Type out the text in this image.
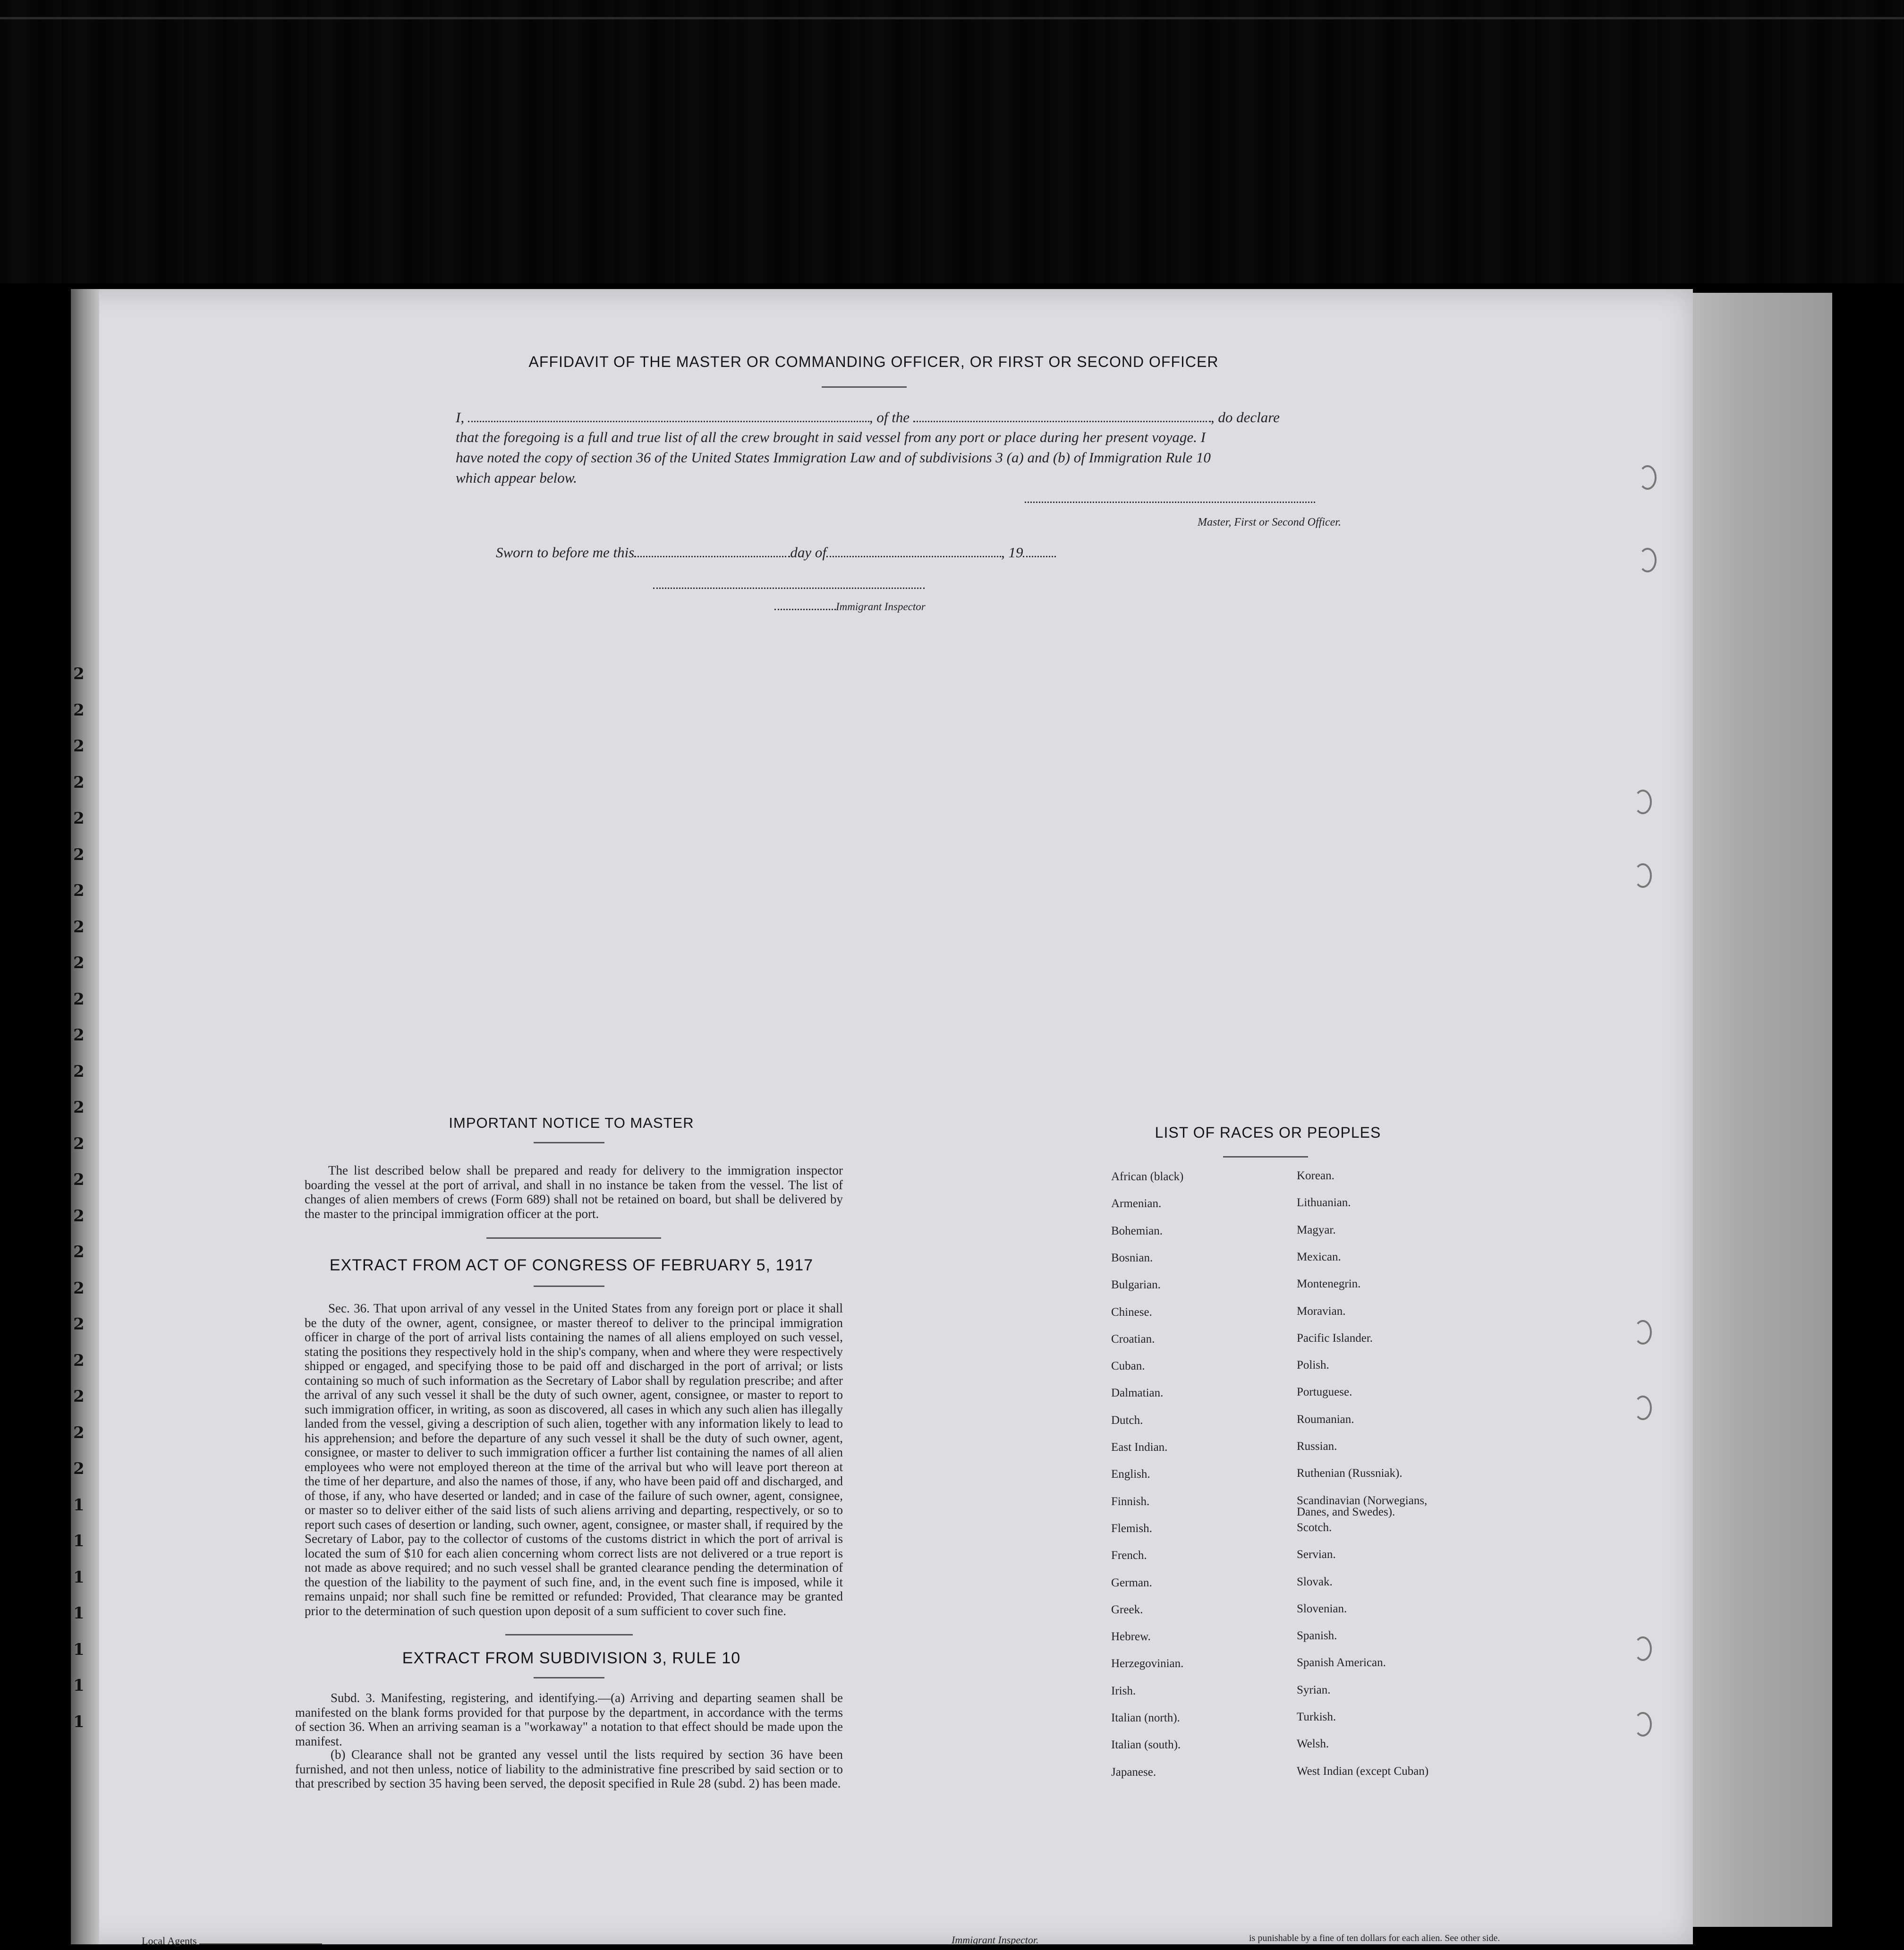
2
2
2
2
2
2
2
2
2
2
2
2
2
2
2
2
2
2
2
2
2
2
2
1
1
1
1
1
1
1
AFFIDAVIT OF THE MASTER OR COMMANDING OFFICER, OR FIRST OR SECOND OFFICER
I,	, of the	, do declare
that the foregoing is a full and true list of all the crew brought in said vessel from any port or place during her present voyage. I
have noted the copy of section 36 of the United States Immigration Law and of subdivisions 3 (a) and (b) of Immigration Rule 10
which appear below.
Master, First or Second Officer.
Sworn to before me this	day of	, 19
Immigrant Inspector
IMPORTANT NOTICE TO MASTER
The list described below shall be prepared and ready for delivery to the immigration inspector boarding the vessel at the port of arrival, and shall in no instance be taken from the vessel. The list of changes of alien members of crews (Form 689) shall not be retained on board, but shall be delivered by the master to the principal immigration officer at the port.
EXTRACT FROM ACT OF CONGRESS OF FEBRUARY 5, 1917
Sec. 36. That upon arrival of any vessel in the United States from any foreign port or place it shall be the duty of the owner, agent, consignee, or master thereof to deliver to the principal immigration officer in charge of the port of arrival lists containing the names of all aliens employed on such vessel, stating the positions they respectively hold in the ship's company, when and where they were respectively shipped or engaged, and specifying those to be paid off and discharged in the port of arrival; or lists containing so much of such information as the Secretary of Labor shall by regulation prescribe; and after the arrival of any such vessel it shall be the duty of such owner, agent, consignee, or master to report to such immigration officer, in writing, as soon as discovered, all cases in which any such alien has illegally landed from the vessel, giving a description of such alien, together with any information likely to lead to his apprehension; and before the departure of any such vessel it shall be the duty of such owner, agent, consignee, or master to deliver to such immigration officer a further list containing the names of all alien employees who were not employed thereon at the time of the arrival but who will leave port thereon at the time of her departure, and also the names of those, if any, who have been paid off and discharged, and of those, if any, who have deserted or landed; and in case of the failure of such owner, agent, consignee, or master so to deliver either of the said lists of such aliens arriving and departing, respectively, or so to report such cases of desertion or landing, such owner, agent, consignee, or master shall, if required by the Secretary of Labor, pay to the collector of customs of the customs district in which the port of arrival is located the sum of $10 for each alien concerning whom correct lists are not delivered or a true report is not made as above required; and no such vessel shall be granted clearance pending the determination of the question of the liability to the payment of such fine, and, in the event such fine is imposed, while it remains unpaid; nor shall such fine be remitted or refunded: Provided, That clearance may be granted prior to the determination of such question upon deposit of a sum sufficient to cover such fine.
EXTRACT FROM SUBDIVISION 3, RULE 10
Subd. 3. Manifesting, registering, and identifying.—(a) Arriving and departing seamen shall be manifested on the blank forms provided for that purpose by the department, in accordance with the terms of section 36. When an arriving seaman is a "workaway" a notation to that effect should be made upon the manifest.
(b) Clearance shall not be granted any vessel until the lists required by section 36 have been furnished, and not then unless, notice of liability to the administrative fine prescribed by said section or to that prescribed by section 35 having been served, the deposit specified in Rule 28 (subd. 2) has been made.
LIST OF RACES OR PEOPLES
African (black)
Armenian.
Bohemian.
Bosnian.
Bulgarian.
Chinese.
Croatian.
Cuban.
Dalmatian.
Dutch.
East Indian.
English.
Finnish.
Flemish.
French.
German.
Greek.
Hebrew.
Herzegovinian.
Irish.
Italian (north).
Italian (south).
Japanese.
Korean.
Lithuanian.
Magyar.
Mexican.
Montenegrin.
Moravian.
Pacific Islander.
Polish.
Portuguese.
Roumanian.
Russian.
Ruthenian (Russniak).
Scandinavian (Norwegians,
Danes, and Swedes).
Scotch.
Servian.
Slovak.
Slovenian.
Spanish.
Spanish American.
Syrian.
Turkish.
Welsh.
West Indian (except Cuban)
Local Agents	Immigrant Inspector.	is punishable by a fine of ten dollars for each alien. See other side.
